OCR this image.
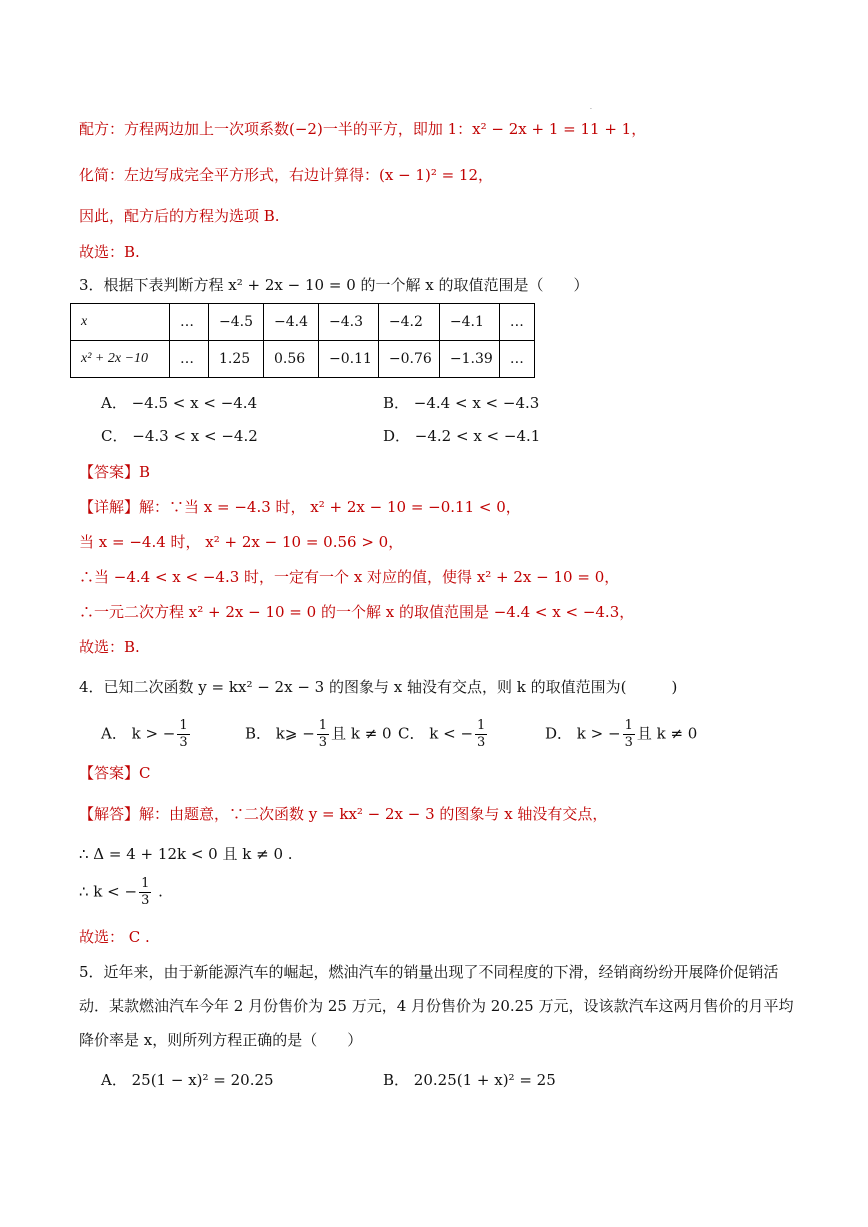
.
配方：方程两边加上一次项系数(−2)一半的平方，即加 1：x² − 2x + 1 = 11 + 1，
化简：左边写成完全平方形式，右边计算得：(x − 1)² = 12，
因此，配方后的方程为选项 B.
故选：B.
3．根据下表判断方程 x² + 2x − 10 = 0 的一个解 x 的取值范围是（　　）
x	…	−4.5	−4.4	−4.3	−4.2	−4.1	…
x² + 2x −10	…	1.25	0.56	−0.11	−0.76	−1.39	…
A． −4.5 < x < −4.4	B． −4.4 < x < −4.3
C． −4.3 < x < −4.2	D． −4.2 < x < −4.1
【答案】B
【详解】解：∵当 x = −4.3 时， x² + 2x − 10 = −0.11 < 0，
当 x = −4.4 时， x² + 2x − 10 = 0.56 > 0，
∴当 −4.4 < x < −4.3 时，一定有一个 x 对应的值，使得 x² + 2x − 10 = 0，
∴一元二次方程 x² + 2x − 10 = 0 的一个解 x 的取值范围是 −4.4 < x < −4.3，
故选：B.
4．已知二次函数 y = kx² − 2x − 3 的图象与 x 轴没有交点，则 k 的取值范围为(　　　)
A． k > − $\frac{1}{3}$	B． k⩾ − $\frac{1}{3}$ 且 k ≠ 0 C． k < − $\frac{1}{3}$	D． k > − $\frac{1}{3}$ 且 k ≠ 0
【答案】C
【解答】解：由题意，∵二次函数 y = kx² − 2x − 3 的图象与 x 轴没有交点，
∴ Δ = 4 + 12k < 0 且 k ≠ 0 .
∴ k < − $\frac{1}{3}$ .
故选： C .
5．近年来，由于新能源汽车的崛起，燃油汽车的销量出现了不同程度的下滑，经销商纷纷开展降价促销活
动．某款燃油汽车今年 2 月份售价为 25 万元，4 月份售价为 20.25 万元，设该款汽车这两月售价的月平均
降价率是 x，则所列方程正确的是（　　）
A． 25(1 − x)² = 20.25	B． 20.25(1 + x)² = 25
